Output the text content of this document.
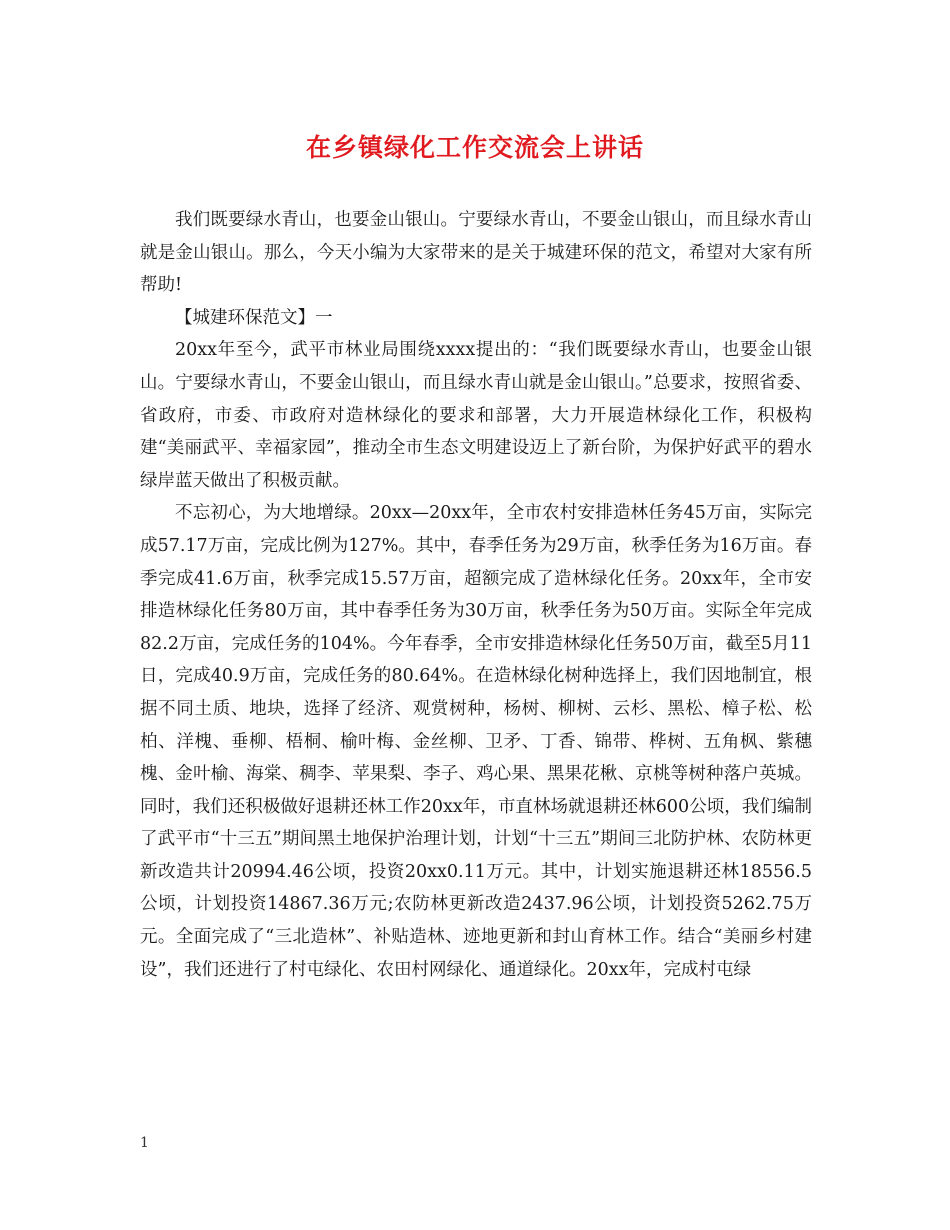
在乡镇绿化工作交流会上讲话

我们既要绿水青山，也要金山银山。宁要绿水青山，不要金山银山，而且绿水青山就是金山银山。那么，今天小编为大家带来的是关于城建环保的范文，希望对大家有所帮助!

【城建环保范文】一

20xx年至今，武平市林业局围绕xxxx提出的：“我们既要绿水青山，也要金山银山。宁要绿水青山，不要金山银山，而且绿水青山就是金山银山。”总要求，按照省委、省政府，市委、市政府对造林绿化的要求和部署，大力开展造林绿化工作，积极构建“美丽武平、幸福家园”，推动全市生态文明建设迈上了新台阶，为保护好武平的碧水绿岸蓝天做出了积极贡献。

不忘初心，为大地增绿。20xx—20xx年，全市农村安排造林任务45万亩，实际完成57.17万亩，完成比例为127%。其中，春季任务为29万亩，秋季任务为16万亩。春季完成41.6万亩，秋季完成15.57万亩，超额完成了造林绿化任务。20xx年，全市安排造林绿化任务80万亩，其中春季任务为30万亩，秋季任务为50万亩。实际全年完成82.2万亩，完成任务的104%。今年春季，全市安排造林绿化任务50万亩，截至5月11日，完成40.9万亩，完成任务的80.64%。在造林绿化树种选择上，我们因地制宜，根据不同土质、地块，选择了经济、观赏树种，杨树、柳树、云杉、黑松、樟子松、松柏、洋槐、垂柳、梧桐、榆叶梅、金丝柳、卫矛、丁香、锦带、桦树、五角枫、紫穗槐、金叶榆、海棠、稠李、苹果梨、李子、鸡心果、黑果花楸、京桃等树种落户英城。同时，我们还积极做好退耕还林工作20xx年，市直林场就退耕还林600公顷，我们编制了武平市“十三五”期间黑土地保护治理计划，计划“十三五”期间三北防护林、农防林更新改造共计20994.46公顷，投资20xx0.11万元。其中，计划实施退耕还林18556.5公顷，计划投资14867.36万元;农防林更新改造2437.96公顷，计划投资5262.75万元。全面完成了“三北造林”、补贴造林、迹地更新和封山育林工作。结合“美丽乡村建设”，我们还进行了村屯绿化、农田村网绿化、通道绿化。20xx年，完成村屯绿

1
